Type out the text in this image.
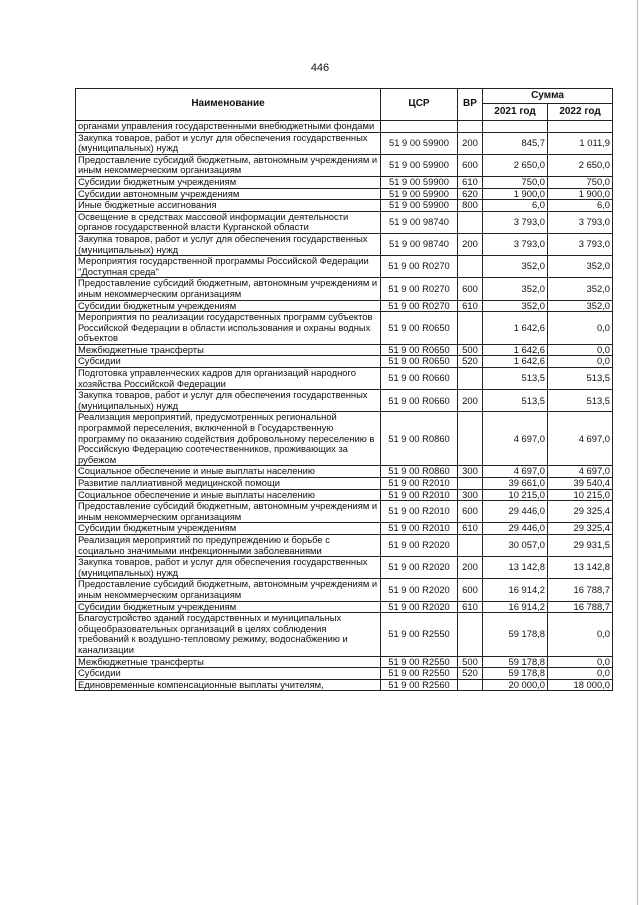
446
Наименование	ЦСР	ВР	Сумма	
			2021 год	2022 год
органами управления государственными внебюджетными фондами				
Закупка товаров, работ и услуг для обеспечения государственных (муниципальных) нужд	51 9 00 59900	200	845,7	1 011,9
Предоставление субсидий бюджетным, автономным учреждениям и иным некоммерческим организациям	51 9 00 59900	600	2 650,0	2 650,0
Субсидии бюджетным учреждениям	51 9 00 59900	610	750,0	750,0
Субсидии автономным учреждениям	51 9 00 59900	620	1 900,0	1 900,0
Иные бюджетные ассигнования	51 9 00 59900	800	6,0	6,0
Освещение в средствах массовой информации деятельности органов государственной власти Курганской области	51 9 00 98740		3 793,0	3 793,0
Закупка товаров, работ и услуг для обеспечения государственных (муниципальных) нужд	51 9 00 98740	200	3 793,0	3 793,0
Мероприятия государственной программы Российской Федерации "Доступная среда"	51 9 00 R0270		352,0	352,0
Предоставление субсидий бюджетным, автономным учреждениям и иным некоммерческим организациям	51 9 00 R0270	600	352,0	352,0
Субсидии бюджетным учреждениям	51 9 00 R0270	610	352,0	352,0
Мероприятия по реализации государственных программ субъектов Российской Федерации в области использования и охраны водных объектов	51 9 00 R0650		1 642,6	0,0
Межбюджетные трансферты	51 9 00 R0650	500	1 642,6	0,0
Субсидии	51 9 00 R0650	520	1 642,6	0,0
Подготовка управленческих кадров для организаций народного хозяйства Российской Федерации	51 9 00 R0660		513,5	513,5
Закупка товаров, работ и услуг для обеспечения государственных (муниципальных) нужд	51 9 00 R0660	200	513,5	513,5
Реализация мероприятий, предусмотренных региональной программой переселения, включенной в Государственную программу по оказанию содействия добровольному переселению в Российскую Федерацию соотечественников, проживающих за рубежом	51 9 00 R0860		4 697,0	4 697,0
Социальное обеспечение и иные выплаты населению	51 9 00 R0860	300	4 697,0	4 697,0
Развитие паллиативной медицинской помощи	51 9 00 R2010		39 661,0	39 540,4
Социальное обеспечение и иные выплаты населению	51 9 00 R2010	300	10 215,0	10 215,0
Предоставление субсидий бюджетным, автономным учреждениям и иным некоммерческим организациям	51 9 00 R2010	600	29 446,0	29 325,4
Субсидии бюджетным учреждениям	51 9 00 R2010	610	29 446,0	29 325,4
Реализация мероприятий по предупреждению и борьбе с социально значимыми инфекционными заболеваниями	51 9 00 R2020		30 057,0	29 931,5
Закупка товаров, работ и услуг для обеспечения государственных (муниципальных) нужд	51 9 00 R2020	200	13 142,8	13 142,8
Предоставление субсидий бюджетным, автономным учреждениям и иным некоммерческим организациям	51 9 00 R2020	600	16 914,2	16 788,7
Субсидии бюджетным учреждениям	51 9 00 R2020	610	16 914,2	16 788,7
Благоустройство зданий государственных и муниципальных общеобразовательных организаций в целях соблюдения требований к воздушно-тепловому режиму, водоснабжению и канализации	51 9 00 R2550		59 178,8	0,0
Межбюджетные трансферты	51 9 00 R2550	500	59 178,8	0,0
Субсидии	51 9 00 R2550	520	59 178,8	0,0
Единовременные компенсационные выплаты учителям,	51 9 00 R2560		20 000,0	18 000,0
